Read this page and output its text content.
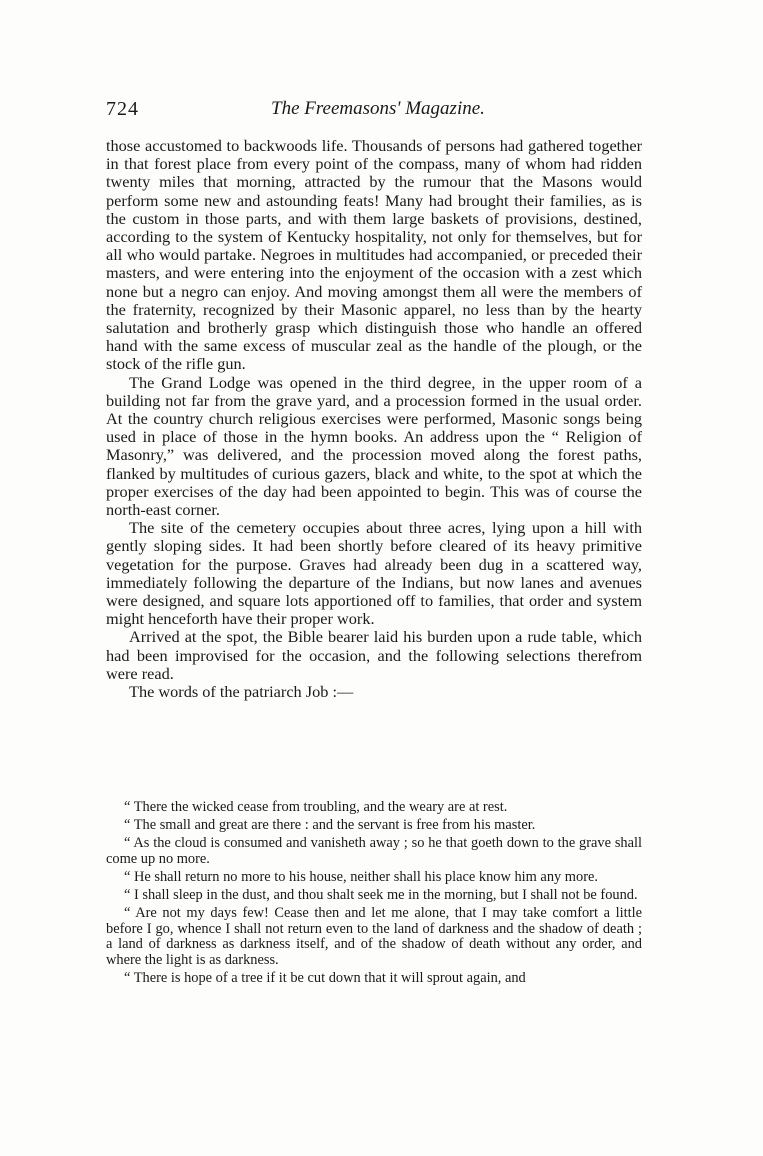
724	The Freemasons' Magazine.

those accustomed to backwoods life. Thousands of persons had gathered together in that forest place from every point of the compass, many of whom had ridden twenty miles that morning, attracted by the rumour that the Masons would perform some new and astounding feats! Many had brought their families, as is the custom in those parts, and with them large baskets of provisions, destined, according to the system of Kentucky hospitality, not only for themselves, but for all who would partake. Negroes in multitudes had accompanied, or preceded their masters, and were entering into the enjoyment of the occasion with a zest which none but a negro can enjoy. And moving amongst them all were the members of the fraternity, recognized by their Masonic apparel, no less than by the hearty salutation and brotherly grasp which distinguish those who handle an offered hand with the same excess of muscular zeal as the handle of the plough, or the stock of the rifle gun.

The Grand Lodge was opened in the third degree, in the upper room of a building not far from the grave yard, and a procession formed in the usual order. At the country church religious exercises were performed, Masonic songs being used in place of those in the hymn books. An address upon the “ Religion of Masonry,” was delivered, and the procession moved along the forest paths, flanked by multitudes of curious gazers, black and white, to the spot at which the proper exercises of the day had been appointed to begin. This was of course the north-east corner.

The site of the cemetery occupies about three acres, lying upon a hill with gently sloping sides. It had been shortly before cleared of its heavy primitive vegetation for the purpose. Graves had already been dug in a scattered way, immediately following the departure of the Indians, but now lanes and avenues were designed, and square lots apportioned off to families, that order and system might henceforth have their proper work.

Arrived at the spot, the Bible bearer laid his burden upon a rude table, which had been improvised for the occasion, and the following selections therefrom were read.

The words of the patriarch Job :—

“ There the wicked cease from troubling, and the weary are at rest.

“ The small and great are there : and the servant is free from his master.

“ As the cloud is consumed and vanisheth away ; so he that goeth down to the grave shall come up no more.

“ He shall return no more to his house, neither shall his place know him any more.

“ I shall sleep in the dust, and thou shalt seek me in the morning, but I shall not be found.

“ Are not my days few! Cease then and let me alone, that I may take comfort a little before I go, whence I shall not return even to the land of darkness and the shadow of death ; a land of darkness as darkness itself, and of the shadow of death without any order, and where the light is as darkness.

“ There is hope of a tree if it be cut down that it will sprout again, and
